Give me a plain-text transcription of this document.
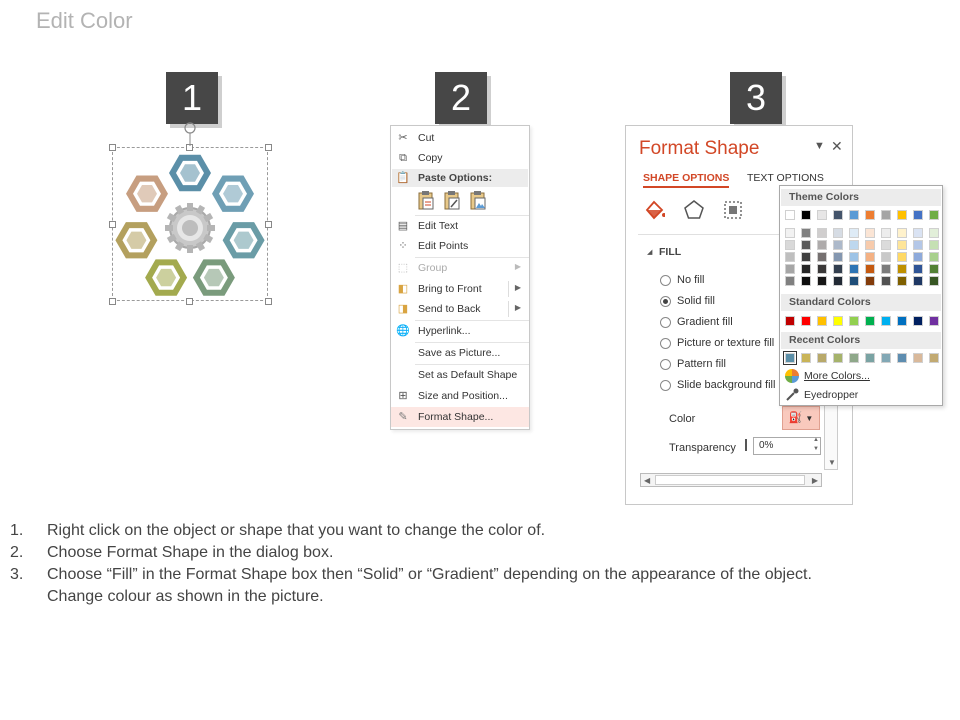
Edit Color
1	2	3
✂ Cut
⧉ Copy
📋 Paste Options:
▤ Edit Text
⁘ Edit Points
⬚ Group	▶
◧ Bring to Front	▶
◨ Send to Back	▶
🌐 Hyperlink...
Save as Picture...
Set as Default Shape
⊞ Size and Position...
✎ Format Shape...
Format Shape	▼ ✕
SHAPE OPTIONS TEXT OPTIONS
◢ FILL
No fill
Solid fill
Gradient fill
Picture or texture fill
Pattern fill
Slide background fill
Color
Transparency
⛽ ▼
0%	▲
▼
▼
◀	▶
Theme Colors
Standard Colors
Recent Colors
More Colors...
Eyedropper
1. Right click on the object or shape that you want to change the color of.
2. Choose Format Shape in the dialog box.
3. Choose “Fill” in the Format Shape box then “Solid” or “Gradient” depending on the appearance of the object.
Change colour as shown in the picture.
